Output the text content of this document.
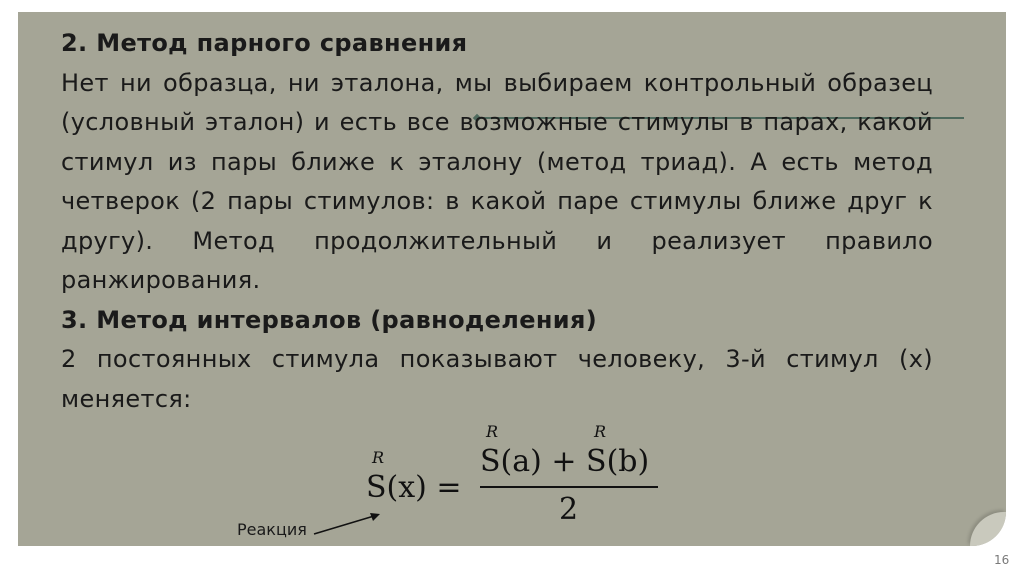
2. Метод парного сравнения

Нет ни образца, ни эталона, мы выбираем контрольный образец (условный эталон) и есть все возможные стимулы в парах, какой стимул из пары ближе к эталону (метод триад). А есть метод четверок (2 пары стимулов: в какой паре стимулы ближе друг к другу). Метод продолжительный и реализует правило ранжирования.

3. Метод интервалов (равноделения)

2 постоянных стимула показывают человеку, 3-й стимул (x) меняется:

R
S(x) =
R	R
S(a) + S(b)
2
Реакция
16
